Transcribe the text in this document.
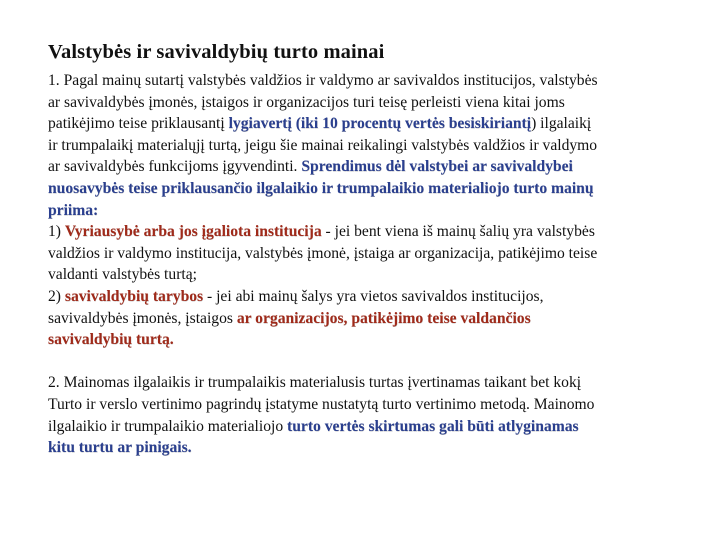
Valstybės ir savivaldybių turto mainai
1. Pagal mainų sutartį valstybės valdžios ir valdymo ar savivaldos institucijos, valstybės
ar savivaldybės įmonės, įstaigos ir organizacijos turi teisę perleisti viena kitai joms
patikėjimo teise priklausantį lygiavertį (iki 10 procentų vertės besiskiriantį) ilgalaikį
ir trumpalaikį materialųjį turtą, jeigu šie mainai reikalingi valstybės valdžios ir valdymo
ar savivaldybės funkcijoms įgyvendinti. Sprendimus dėl valstybei ar savivaldybei
nuosavybės teise priklausančio ilgalaikio ir trumpalaikio materialiojo turto mainų
priima:
1) Vyriausybė arba jos įgaliota institucija - jei bent viena iš mainų šalių yra valstybės
valdžios ir valdymo institucija, valstybės įmonė, įstaiga ar organizacija, patikėjimo teise
valdanti valstybės turtą;
2) savivaldybių tarybos - jei abi mainų šalys yra vietos savivaldos institucijos,
savivaldybės įmonės, įstaigos ar organizacijos, patikėjimo teise valdančios
savivaldybių turtą.
2. Mainomas ilgalaikis ir trumpalaikis materialusis turtas įvertinamas taikant bet kokį
Turto ir verslo vertinimo pagrindų įstatyme nustatytą turto vertinimo metodą. Mainomo
ilgalaikio ir trumpalaikio materialiojo turto vertės skirtumas gali būti atlyginamas
kitu turtu ar pinigais.
